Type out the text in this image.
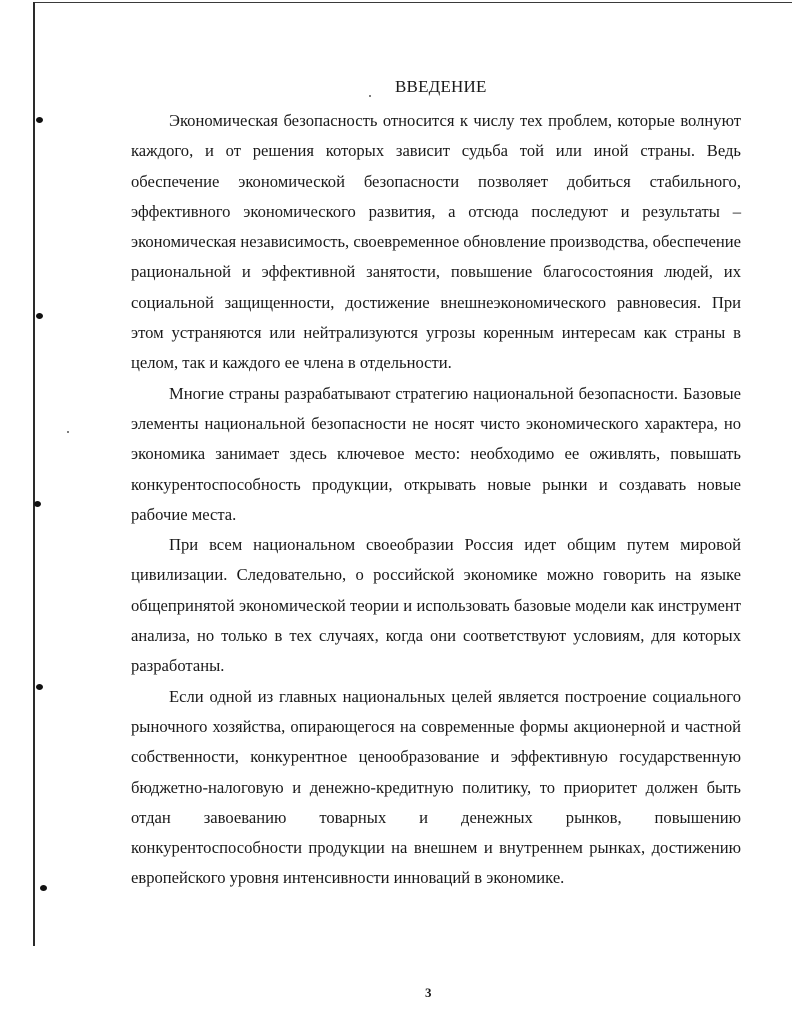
ВВЕДЕНИЕ

Экономическая безопасность относится к числу тех проблем, которые волнуют каждого, и от решения которых зависит судьба той или иной страны. Ведь обеспечение экономической безопасности позволяет добиться стабильного, эффективного экономического развития, а отсюда последуют и результаты – экономическая независимость, своевременное обновление производства, обеспечение рациональной и эффективной занятости, повышение благосостояния людей, их социальной защищенности, достижение внешнеэкономического равновесия. При этом устраняются или нейтрализуются угрозы коренным интересам как страны в целом, так и каждого ее члена в отдельности.

Многие страны разрабатывают стратегию национальной безопасности. Базовые элементы национальной безопасности не носят чисто экономического характера, но экономика занимает здесь ключевое место: необходимо ее оживлять, повышать конкурентоспособность продукции, открывать новые рынки и создавать новые рабочие места.

При всем национальном своеобразии Россия идет общим путем мировой цивилизации. Следовательно, о российской экономике можно говорить на языке общепринятой экономической теории и использовать базовые модели как инструмент анализа, но только в тех случаях, когда они соответствуют условиям, для которых разработаны.

Если одной из главных национальных целей является построение социального рыночного хозяйства, опирающегося на современные формы акционерной и частной собственности, конкурентное ценообразование и эффективную государственную бюджетно-налоговую и денежно-кредитную политику, то приоритет должен быть отдан завоеванию товарных и денежных рынков, повышению конкурентоспособности продукции на внешнем и внутреннем рынках, достижению европейского уровня интенсивности инноваций в экономике.

3
